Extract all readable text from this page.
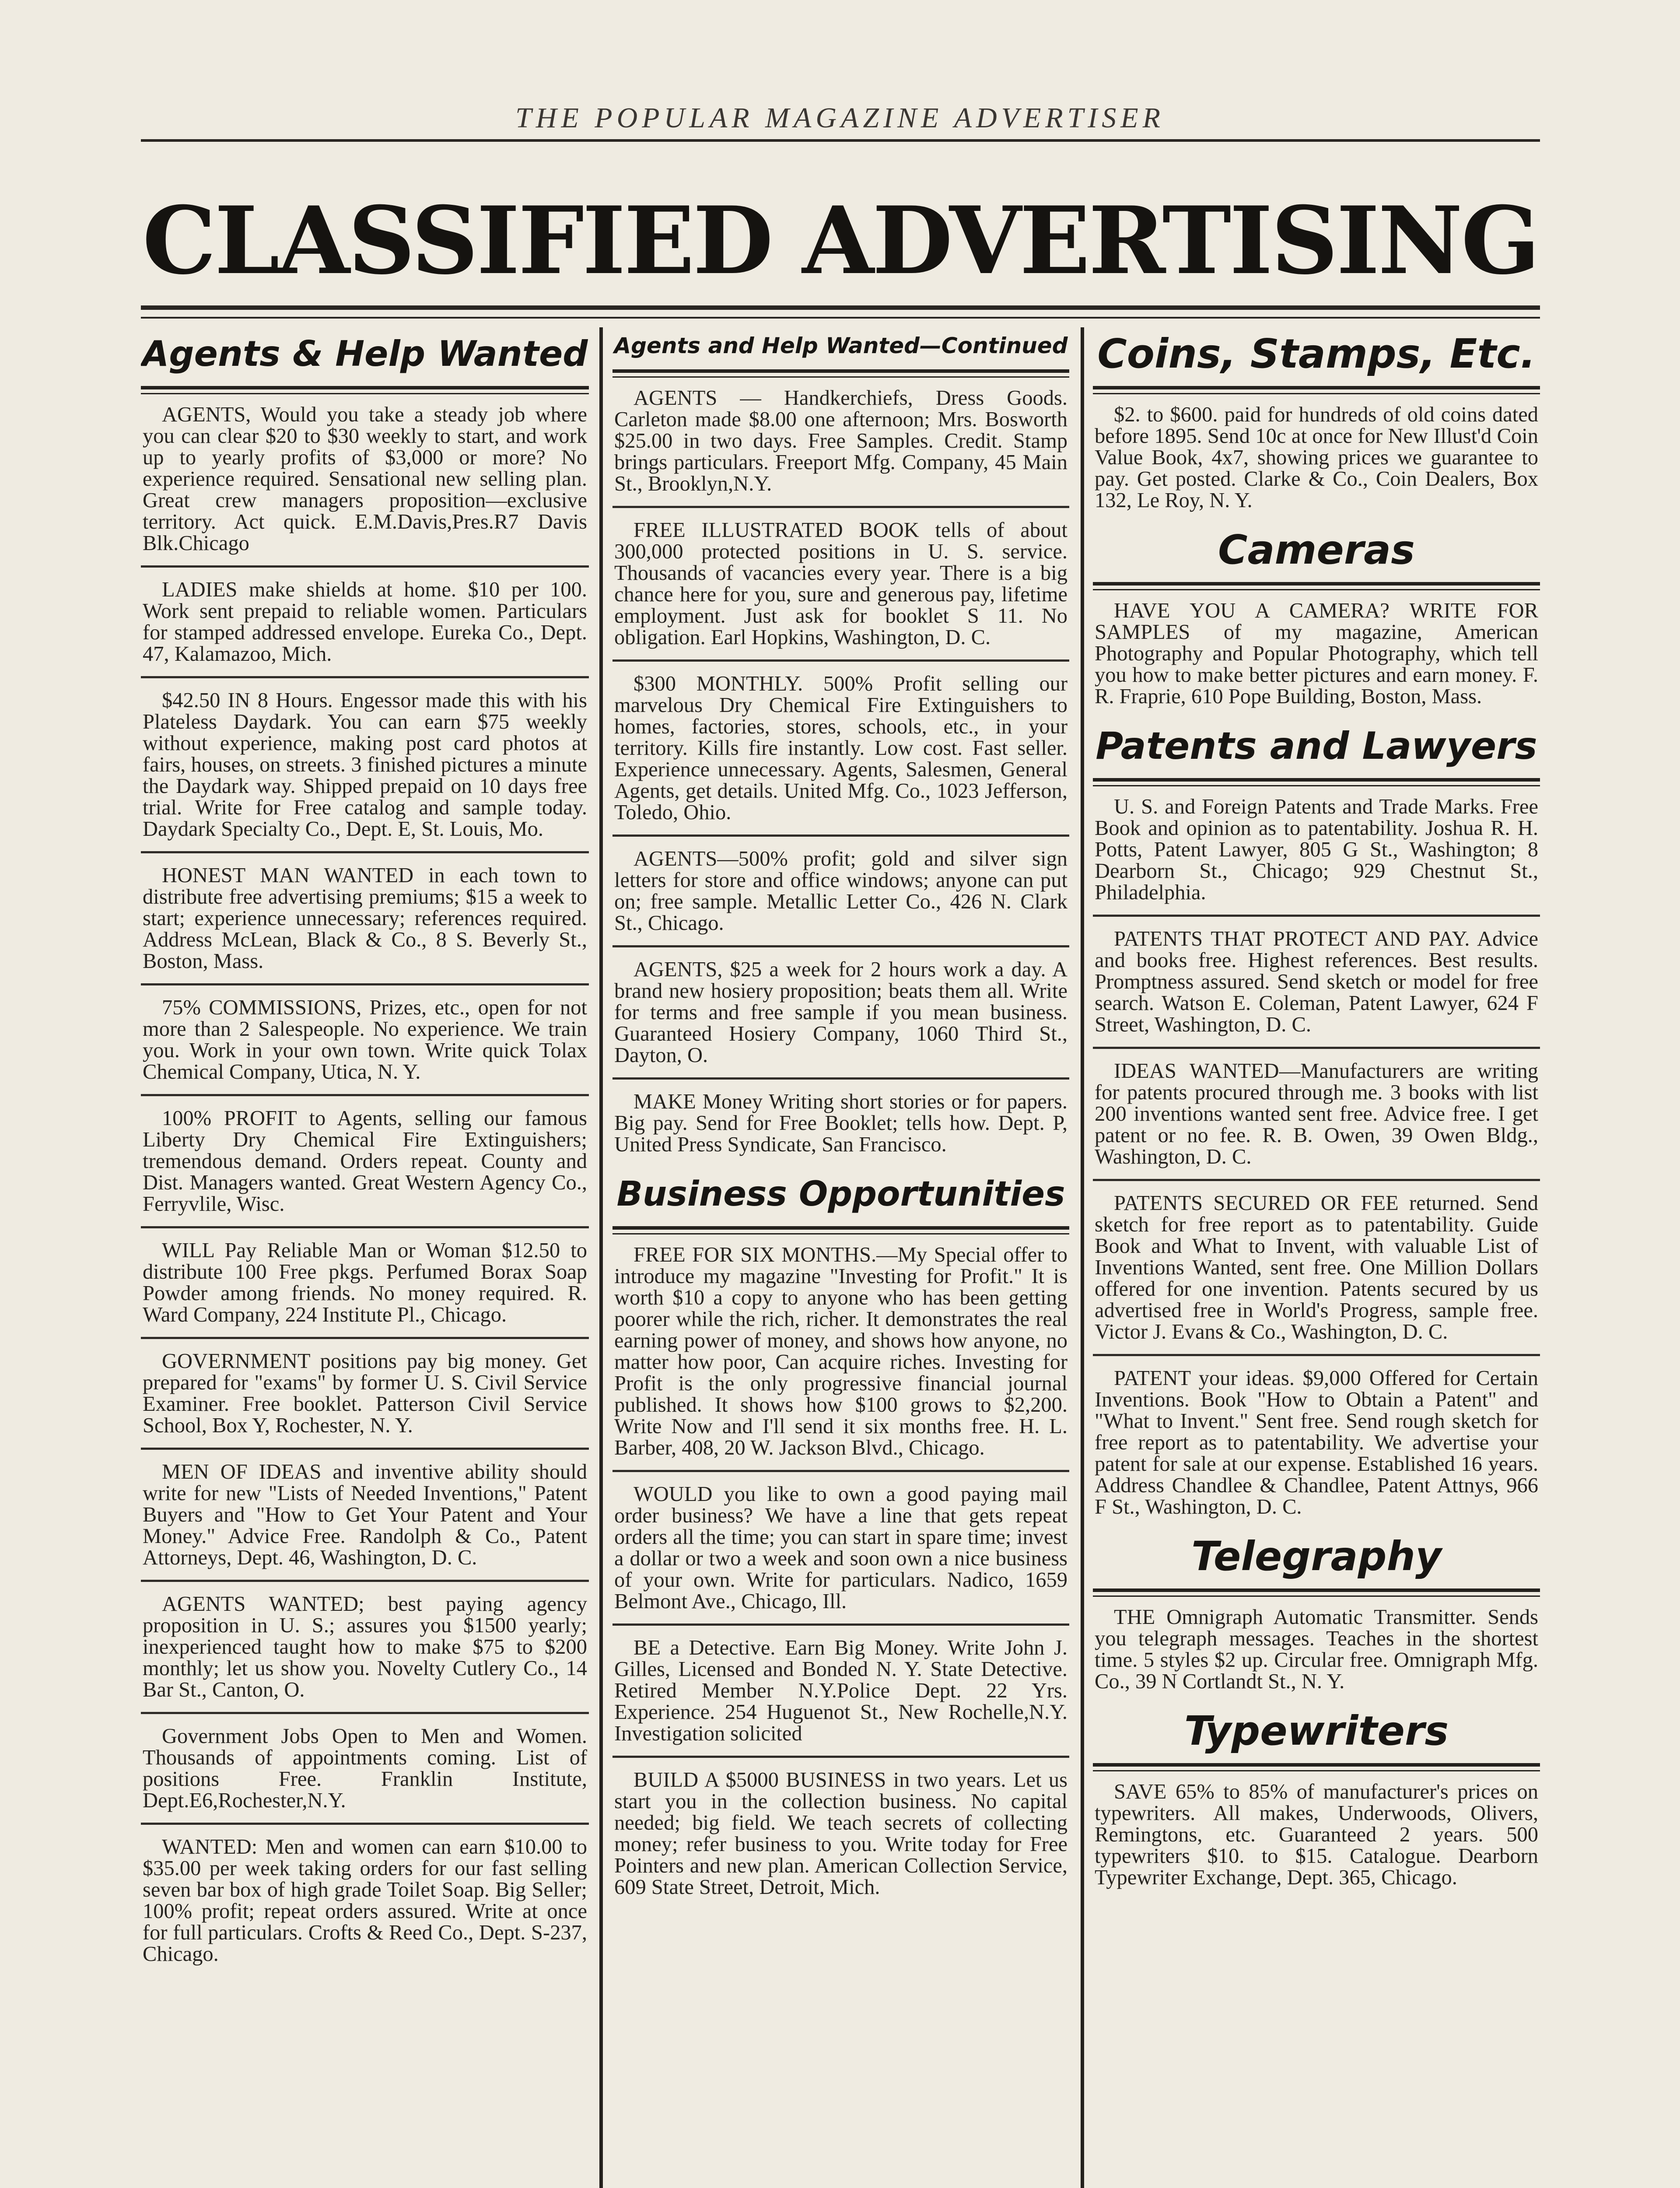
THE POPULAR MAGAZINE ADVERTISER
CLASSIFIED ADVERTISING
Agents & Help Wanted

AGENTS, Would you take a steady job where you can clear $20 to $30 weekly to start, and work up to yearly profits of $3,000 or more? No experience required. Sensational new selling plan. Great crew managers proposition—exclusive territory. Act quick. E.M.Davis,Pres.R7 Davis Blk.Chicago

LADIES make shields at home. $10 per 100. Work sent prepaid to reliable women. Particulars for stamped addressed envelope. Eureka Co., Dept. 47, Kalamazoo, Mich.

$42.50 IN 8 Hours. Engessor made this with his Plateless Daydark. You can earn $75 weekly without experience, making post card photos at fairs, houses, on streets. 3 finished pictures a minute the Daydark way. Shipped prepaid on 10 days free trial. Write for Free catalog and sample today. Daydark Specialty Co., Dept. E, St. Louis, Mo.

HONEST MAN WANTED in each town to distribute free advertising premiums; $15 a week to start; experience unnecessary; references required. Address McLean, Black & Co., 8 S. Beverly St., Boston, Mass.

75% COMMISSIONS, Prizes, etc., open for not more than 2 Salespeople. No experience. We train you. Work in your own town. Write quick Tolax Chemical Company, Utica, N. Y.

100% PROFIT to Agents, selling our famous Liberty Dry Chemical Fire Extinguishers; tremendous demand. Orders repeat. County and Dist. Managers wanted. Great Western Agency Co., Ferryvlile, Wisc.

WILL Pay Reliable Man or Woman $12.50 to distribute 100 Free pkgs. Perfumed Borax Soap Powder among friends. No money required. R. Ward Company, 224 Institute Pl., Chicago.

GOVERNMENT positions pay big money. Get prepared for "exams" by former U. S. Civil Service Examiner. Free booklet. Patterson Civil Service School, Box Y, Rochester, N. Y.

MEN OF IDEAS and inventive ability should write for new "Lists of Needed Inventions," Patent Buyers and "How to Get Your Patent and Your Money." Advice Free. Randolph & Co., Patent Attorneys, Dept. 46, Washington, D. C.

AGENTS WANTED; best paying agency proposition in U. S.; assures you $1500 yearly; inexperienced taught how to make $75 to $200 monthly; let us show you. Novelty Cutlery Co., 14 Bar St., Canton, O.

Government Jobs Open to Men and Women. Thousands of appointments coming. List of positions Free. Franklin Institute, Dept.E6,Rochester,N.Y.

WANTED: Men and women can earn $10.00 to $35.00 per week taking orders for our fast selling seven bar box of high grade Toilet Soap. Big Seller; 100% profit; repeat orders assured. Write at once for full particulars. Crofts & Reed Co., Dept. S-237, Chicago.

Agents and Help Wanted—Continued

AGENTS — Handkerchiefs, Dress Goods. Carleton made $8.00 one afternoon; Mrs. Bosworth $25.00 in two days. Free Samples. Credit. Stamp brings particulars. Freeport Mfg. Company, 45 Main St., Brooklyn,N.Y.

FREE ILLUSTRATED BOOK tells of about 300,000 protected positions in U. S. service. Thousands of vacancies every year. There is a big chance here for you, sure and generous pay, lifetime employment. Just ask for booklet S 11. No obligation. Earl Hopkins, Washington, D. C.

$300 MONTHLY. 500% Profit selling our marvelous Dry Chemical Fire Extinguishers to homes, factories, stores, schools, etc., in your territory. Kills fire instantly. Low cost. Fast seller. Experience unnecessary. Agents, Salesmen, General Agents, get details. United Mfg. Co., 1023 Jefferson, Toledo, Ohio.

AGENTS—500% profit; gold and silver sign letters for store and office windows; anyone can put on; free sample. Metallic Letter Co., 426 N. Clark St., Chicago.

AGENTS, $25 a week for 2 hours work a day. A brand new hosiery proposition; beats them all. Write for terms and free sample if you mean business. Guaranteed Hosiery Company, 1060 Third St., Dayton, O.

MAKE Money Writing short stories or for papers. Big pay. Send for Free Booklet; tells how. Dept. P, United Press Syndicate, San Francisco.

Business Opportunities

FREE FOR SIX MONTHS.—My Special offer to introduce my magazine "Investing for Profit." It is worth $10 a copy to anyone who has been getting poorer while the rich, richer. It demonstrates the real earning power of money, and shows how anyone, no matter how poor, Can acquire riches. Investing for Profit is the only progressive financial journal published. It shows how $100 grows to $2,200. Write Now and I'll send it six months free. H. L. Barber, 408, 20 W. Jackson Blvd., Chicago.

WOULD you like to own a good paying mail order business? We have a line that gets repeat orders all the time; you can start in spare time; invest a dollar or two a week and soon own a nice business of your own. Write for particulars. Nadico, 1659 Belmont Ave., Chicago, Ill.

BE a Detective. Earn Big Money. Write John J. Gilles, Licensed and Bonded N. Y. State Detective. Retired Member N.Y.Police Dept. 22 Yrs. Experience. 254 Huguenot St., New Rochelle,N.Y. Investigation solicited

BUILD A $5000 BUSINESS in two years. Let us start you in the collection business. No capital needed; big field. We teach secrets of collecting money; refer business to you. Write today for Free Pointers and new plan. American Collection Service, 609 State Street, Detroit, Mich.

Coins, Stamps, Etc.

$2. to $600. paid for hundreds of old coins dated before 1895. Send 10c at once for New Illust'd Coin Value Book, 4x7, showing prices we guarantee to pay. Get posted. Clarke & Co., Coin Dealers, Box 132, Le Roy, N. Y.

Cameras

HAVE YOU A CAMERA? WRITE FOR SAMPLES of my magazine, American Photography and Popular Photography, which tell you how to make better pictures and earn money. F. R. Fraprie, 610 Pope Building, Boston, Mass.

Patents and Lawyers

U. S. and Foreign Patents and Trade Marks. Free Book and opinion as to patentability. Joshua R. H. Potts, Patent Lawyer, 805 G St., Washington; 8 Dearborn St., Chicago; 929 Chestnut St., Philadelphia.

PATENTS THAT PROTECT AND PAY. Advice and books free. Highest references. Best results. Promptness assured. Send sketch or model for free search. Watson E. Coleman, Patent Lawyer, 624 F Street, Washington, D. C.

IDEAS WANTED—Manufacturers are writing for patents procured through me. 3 books with list 200 inventions wanted sent free. Advice free. I get patent or no fee. R. B. Owen, 39 Owen Bldg., Washington, D. C.

PATENTS SECURED OR FEE returned. Send sketch for free report as to patentability. Guide Book and What to Invent, with valuable List of Inventions Wanted, sent free. One Million Dollars offered for one invention. Patents secured by us advertised free in World's Progress, sample free. Victor J. Evans & Co., Washington, D. C.

PATENT your ideas. $9,000 Offered for Certain Inventions. Book "How to Obtain a Patent" and "What to Invent." Sent free. Send rough sketch for free report as to patentability. We advertise your patent for sale at our expense. Established 16 years. Address Chandlee & Chandlee, Patent Attnys, 966 F St., Washington, D. C.

Telegraphy

THE Omnigraph Automatic Transmitter. Sends you telegraph messages. Teaches in the shortest time. 5 styles $2 up. Circular free. Omnigraph Mfg. Co., 39 N Cortlandt St., N. Y.

Typewriters

SAVE 65% to 85% of manufacturer's prices on typewriters. All makes, Underwoods, Olivers, Remingtons, etc. Guaranteed 2 years. 500 typewriters $10. to $15. Catalogue. Dearborn Typewriter Exchange, Dept. 365, Chicago.
